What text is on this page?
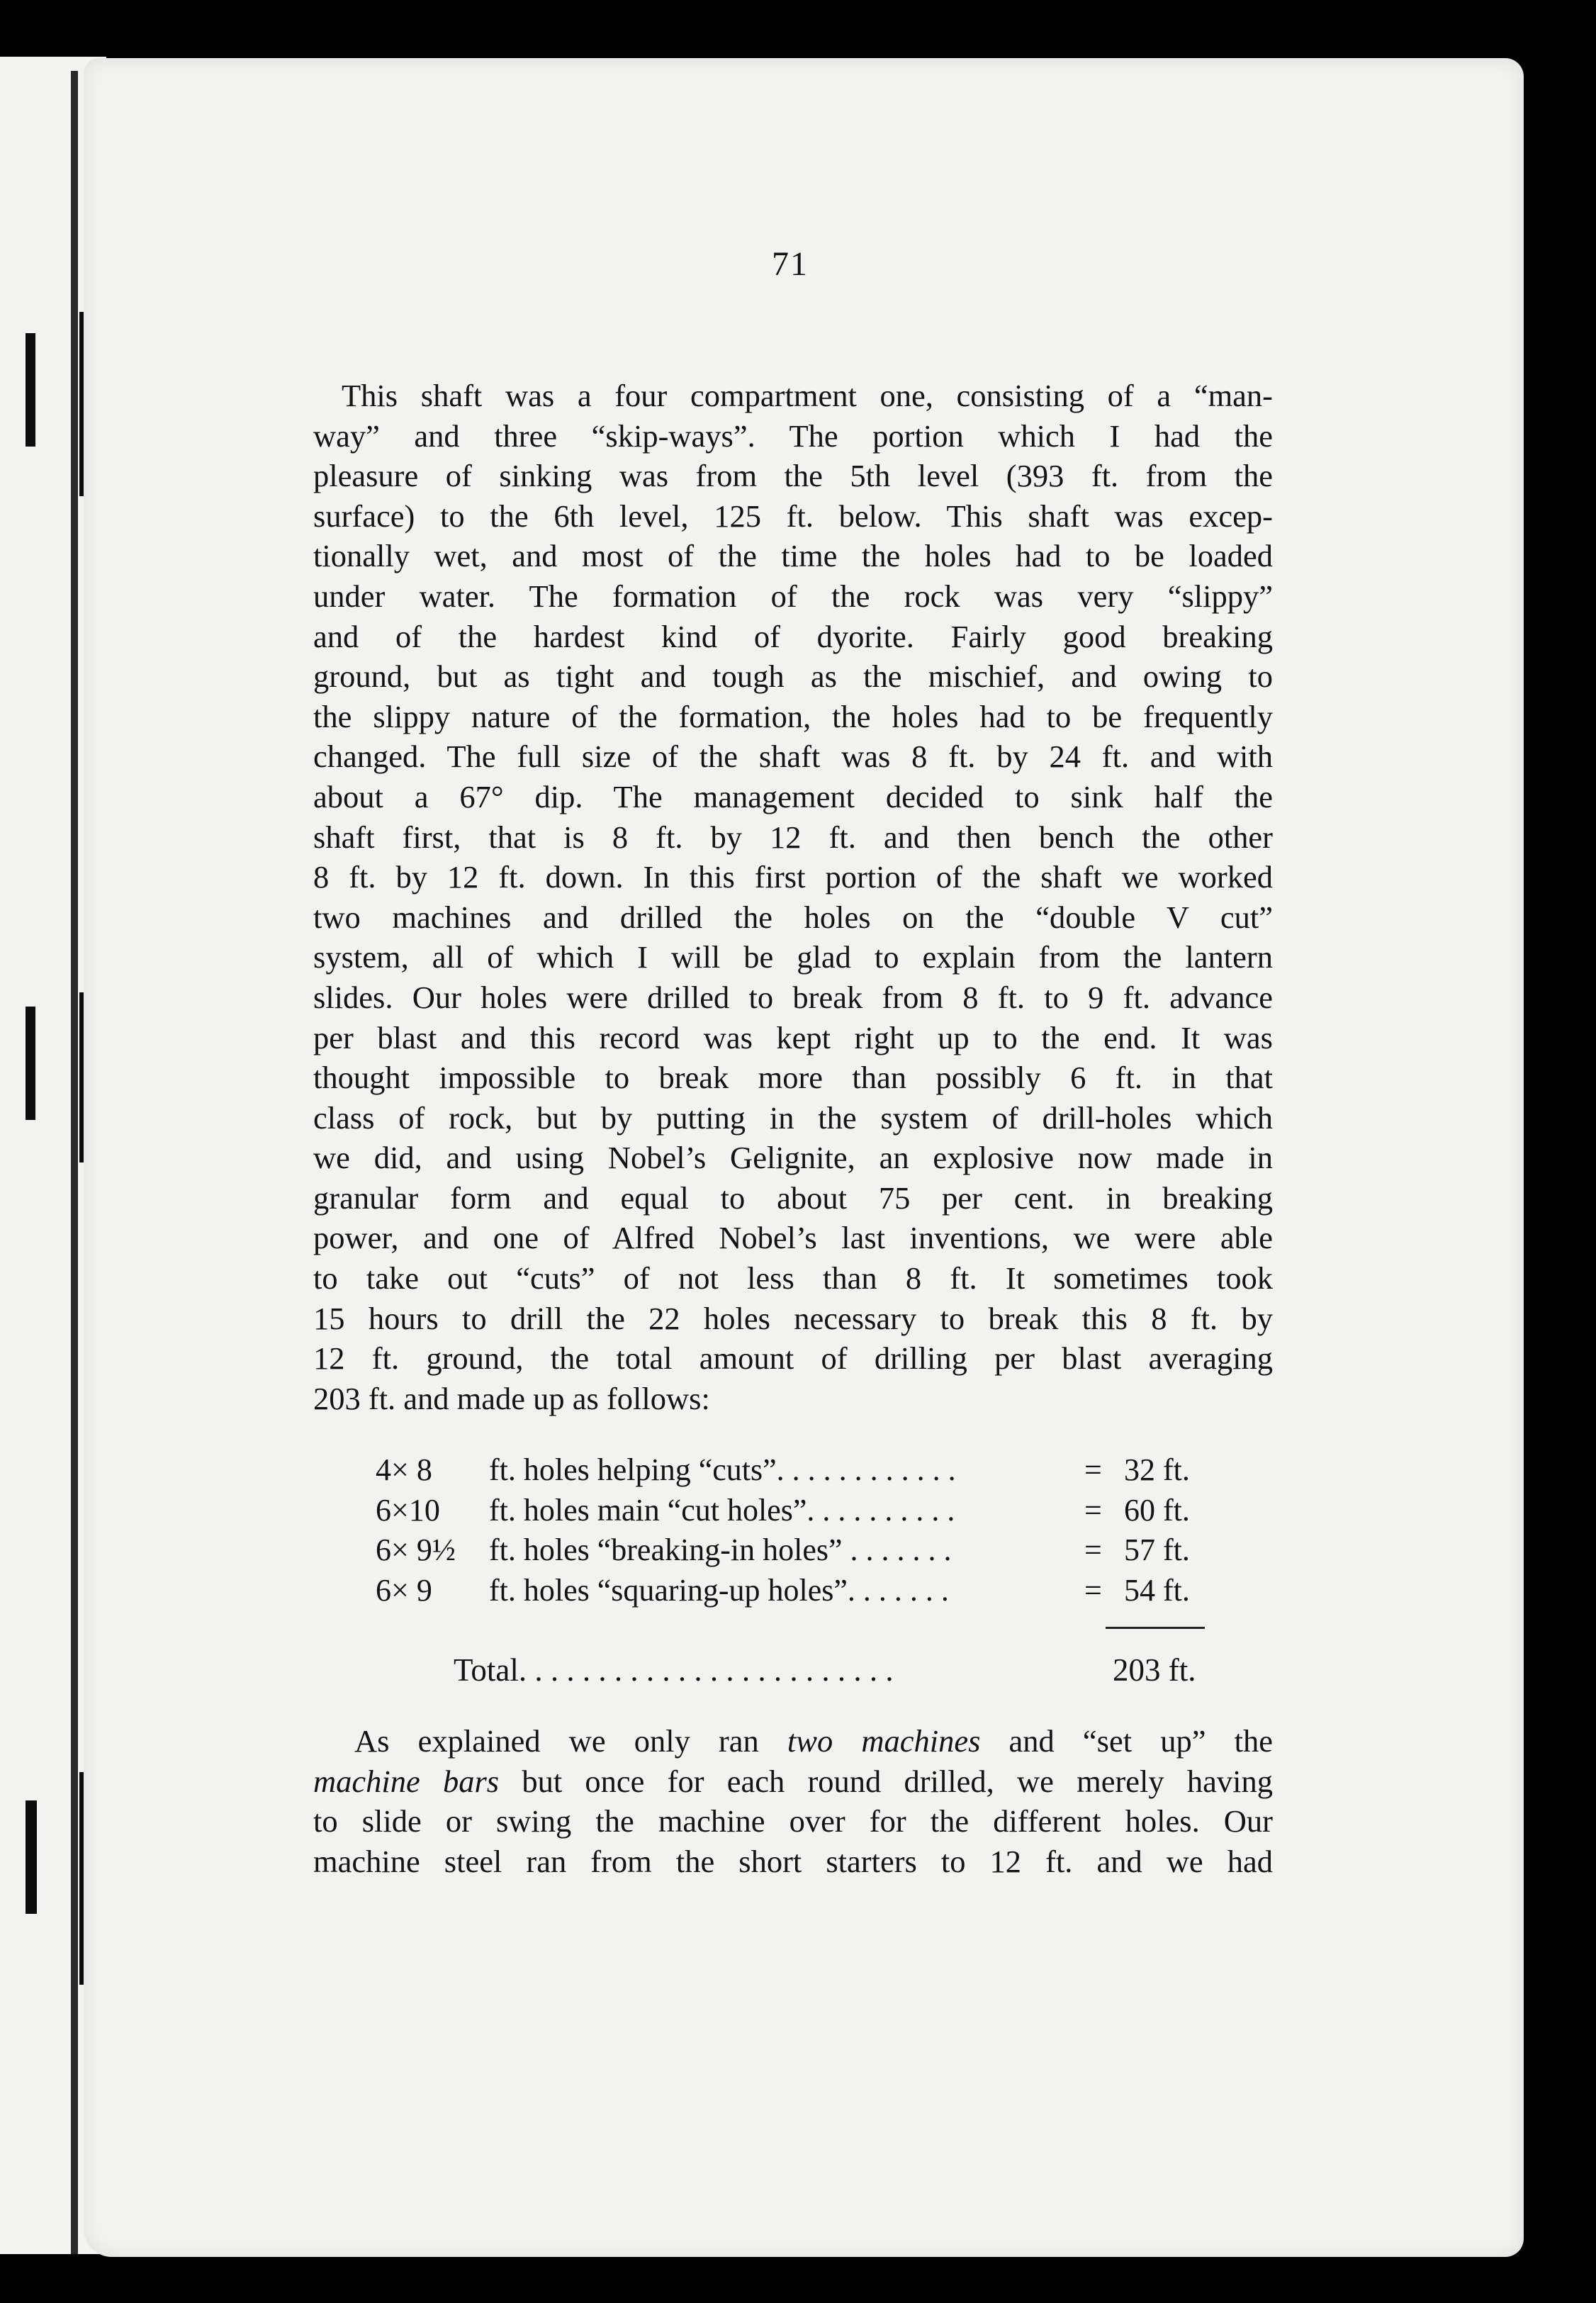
71
This shaft was a four compartment one, consisting of a “man-
way” and three “skip-ways”. The portion which I had the
pleasure of sinking was from the 5th level (393 ft. from the
surface) to the 6th level, 125 ft. below. This shaft was excep-
tionally wet, and most of the time the holes had to be loaded
under water. The formation of the rock was very “slippy”
and of the hardest kind of dyorite. Fairly good breaking
ground, but as tight and tough as the mischief, and owing to
the slippy nature of the formation, the holes had to be frequently
changed. The full size of the shaft was 8 ft. by 24 ft. and with
about a 67° dip. The management decided to sink half the
shaft first, that is 8 ft. by 12 ft. and then bench the other
8 ft. by 12 ft. down. In this first portion of the shaft we worked
two machines and drilled the holes on the “double V cut”
system, all of which I will be glad to explain from the lantern
slides. Our holes were drilled to break from 8 ft. to 9 ft. advance
per blast and this record was kept right up to the end. It was
thought impossible to break more than possibly 6 ft. in that
class of rock, but by putting in the system of drill-holes which
we did, and using Nobel’s Gelignite, an explosive now made in
granular form and equal to about 75 per cent. in breaking
power, and one of Alfred Nobel’s last inventions, we were able
to take out “cuts” of not less than 8 ft. It sometimes took
15 hours to drill the 22 holes necessary to break this 8 ft. by
12 ft. ground, the total amount of drilling per blast averaging
203 ft. and made up as follows:
4× 8 ft. holes helping “cuts”. . . . . . . . . . . .	= 32 ft.
6×10 ft. holes main “cut holes”. . . . . . . . . .	= 60 ft.
6× 9½ ft. holes “breaking-in holes” . . . . . . .	= 57 ft.
6× 9 ft. holes “squaring-up holes”. . . . . . .	= 54 ft.
Total. . . . . . . . . . . . . . . . . . . . . . . .	203 ft.
As explained we only ran two machines and “set up” the
machine bars but once for each round drilled, we merely having
to slide or swing the machine over for the different holes. Our
machine steel ran from the short starters to 12 ft. and we had
